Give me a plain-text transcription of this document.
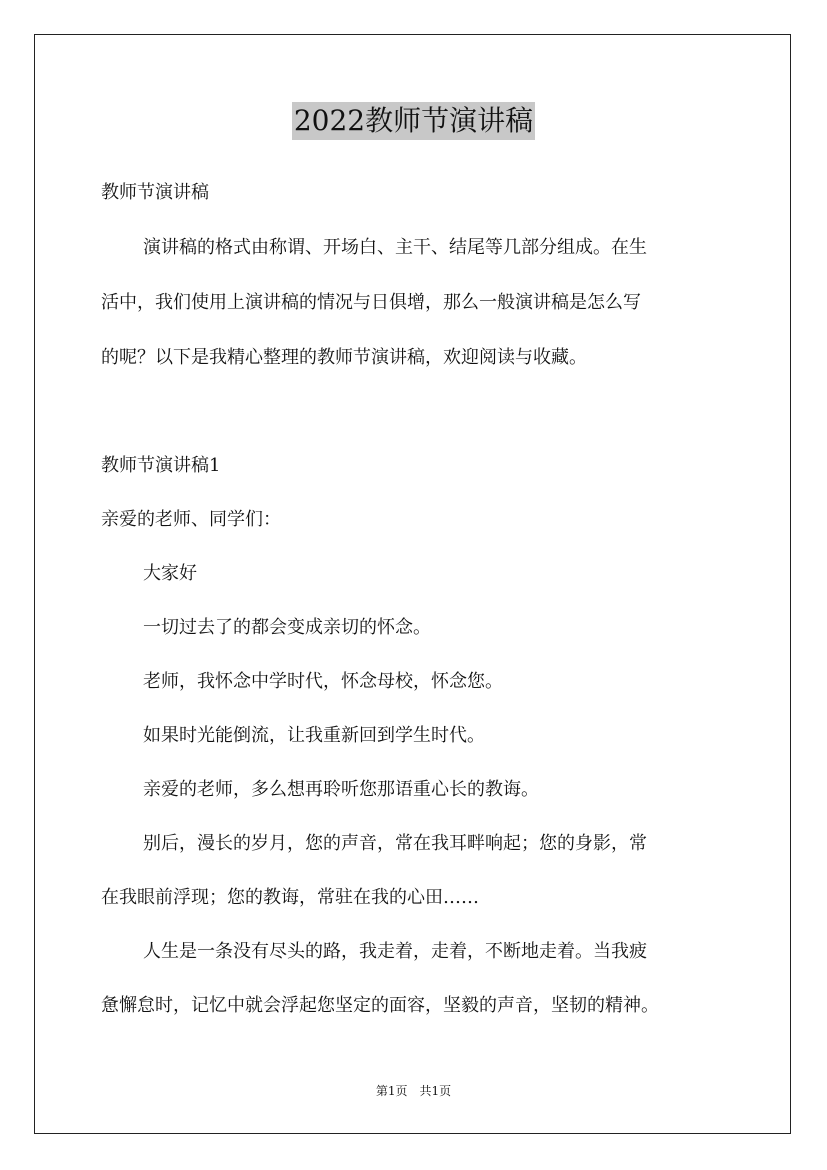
2022教师节演讲稿
教师节演讲稿
演讲稿的格式由称谓、开场白、主干、结尾等几部分组成。在生
活中，我们使用上演讲稿的情况与日俱增，那么一般演讲稿是怎么写
的呢？以下是我精心整理的教师节演讲稿，欢迎阅读与收藏。
教师节演讲稿1
亲爱的老师、同学们：
大家好
一切过去了的都会变成亲切的怀念。
老师，我怀念中学时代，怀念母校，怀念您。
如果时光能倒流，让我重新回到学生时代。
亲爱的老师，多么想再聆听您那语重心长的教诲。
别后，漫长的岁月，您的声音，常在我耳畔响起；您的身影，常
在我眼前浮现；您的教诲，常驻在我的心田……
人生是一条没有尽头的路，我走着，走着，不断地走着。当我疲
惫懈怠时，记忆中就会浮起您坚定的面容，坚毅的声音，坚韧的精神。
第1页　共1页
